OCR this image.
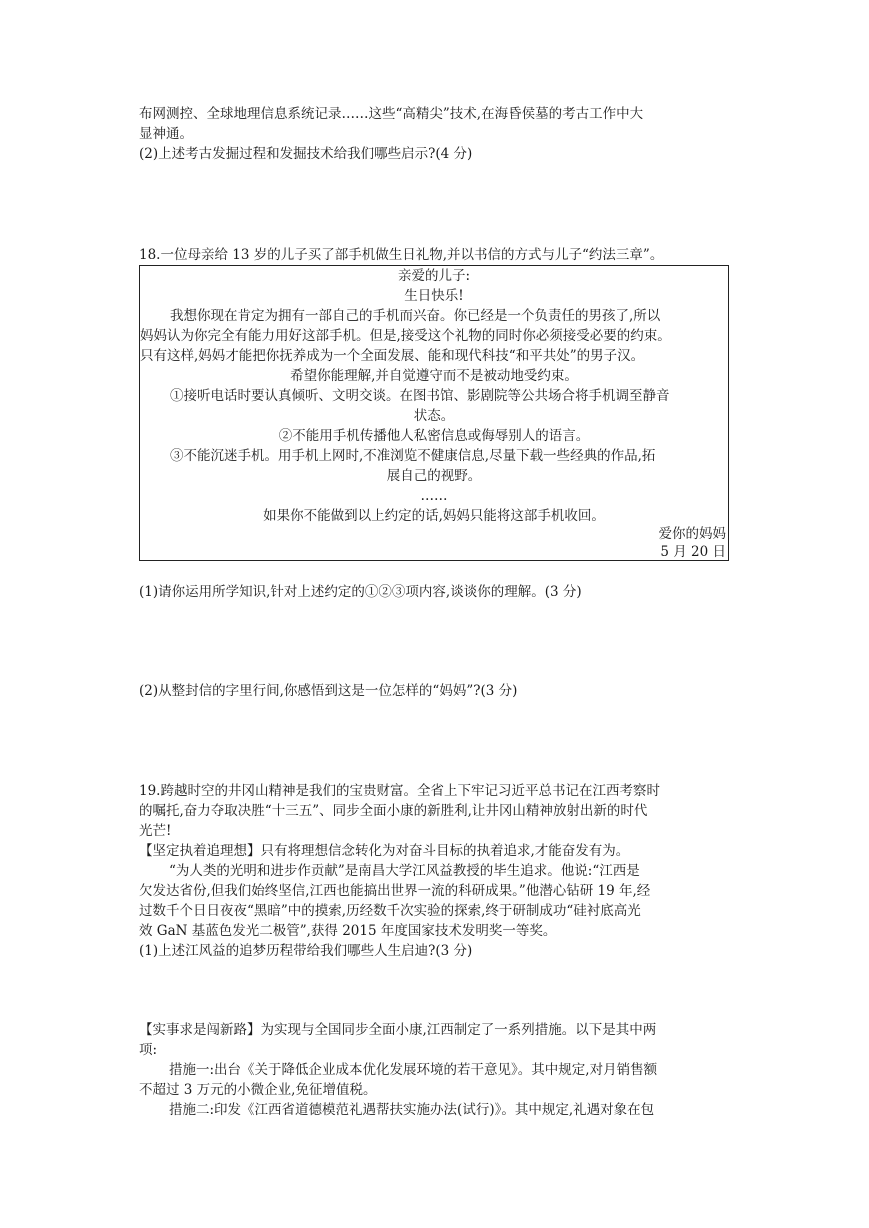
布网测控、全球地理信息系统记录……这些“高精尖”技术,在海昏侯墓的考古工作中大
显神通。
(2)上述考古发掘过程和发掘技术给我们哪些启示?(4 分)
18.一位母亲给 13 岁的儿子买了部手机做生日礼物,并以书信的方式与儿子“约法三章”。
亲爱的儿子:
生日快乐!
我想你现在肯定为拥有一部自己的手机而兴奋。你已经是一个负责任的男孩了,所以
妈妈认为你完全有能力用好这部手机。但是,接受这个礼物的同时你必须接受必要的约束。
只有这样,妈妈才能把你抚养成为一个全面发展、能和现代科技“和平共处”的男子汉。
希望你能理解,并自觉遵守而不是被动地受约束。
①接听电话时要认真倾听、文明交谈。在图书馆、影剧院等公共场合将手机调至静音
状态。
②不能用手机传播他人私密信息或侮辱别人的语言。
③不能沉迷手机。用手机上网时,不准浏览不健康信息,尽量下载一些经典的作品,拓
展自己的视野。
……
如果你不能做到以上约定的话,妈妈只能将这部手机收回。
爱你的妈妈
5 月 20 日
(1)请你运用所学知识,针对上述约定的①②③项内容,谈谈你的理解。(3 分)
(2)从整封信的字里行间,你感悟到这是一位怎样的“妈妈”?(3 分)
19.跨越时空的井冈山精神是我们的宝贵财富。全省上下牢记习近平总书记在江西考察时
的嘱托,奋力夺取决胜“十三五”、同步全面小康的新胜利,让井冈山精神放射出新的时代
光芒!
【坚定执着追理想】只有将理想信念转化为对奋斗目标的执着追求,才能奋发有为。
“为人类的光明和进步作贡献”是南昌大学江风益教授的毕生追求。他说:“江西是
欠发达省份,但我们始终坚信,江西也能搞出世界一流的科研成果。”他潜心钻研 19 年,经
过数千个日日夜夜“黑暗”中的摸索,历经数千次实验的探索,终于研制成功“硅衬底高光
效 GaN 基蓝色发光二极管”,获得 2015 年度国家技术发明奖一等奖。
(1)上述江风益的追梦历程带给我们哪些人生启迪?(3 分)
【实事求是闯新路】为实现与全国同步全面小康,江西制定了一系列措施。以下是其中两
项:
措施一:出台《关于降低企业成本优化发展环境的若干意见》。其中规定,对月销售额
不超过 3 万元的小微企业,免征增值税。
措施二:印发《江西省道德模范礼遇帮扶实施办法(试行)》。其中规定,礼遇对象在包
